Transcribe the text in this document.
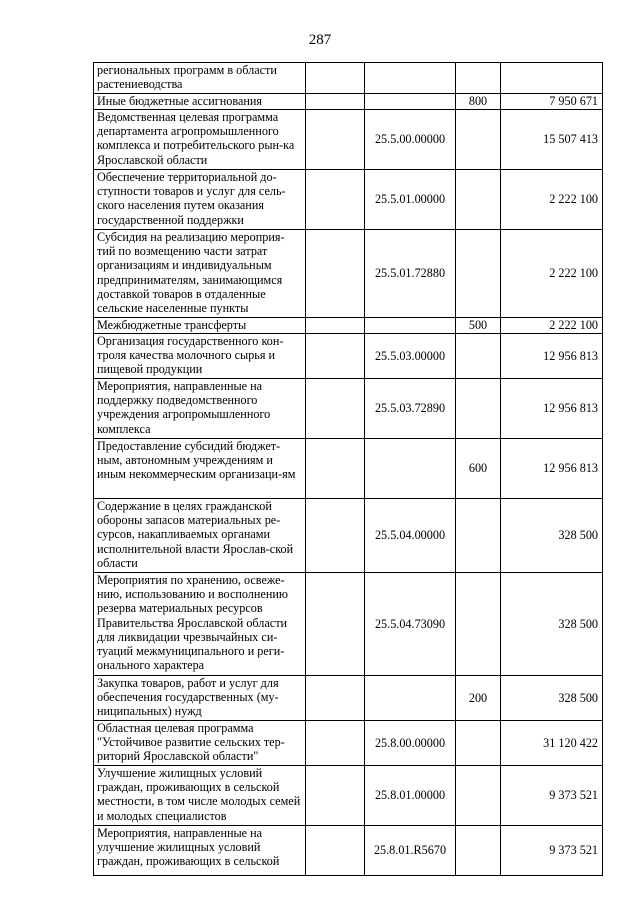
287
региональных программ в области растениеводства				
Иные бюджетные ассигнования			800	7 950 671
Ведомственная целевая программа департамента агропромышленного комплекса и потребительского рын-ка Ярославской области		25.5.00.00000		15 507 413
Обеспечение территориальной до-ступности товаров и услуг для сель-ского населения путем оказания государственной поддержки		25.5.01.00000		2 222 100
Субсидия на реализацию мероприя-тий по возмещению части затрат организациям и индивидуальным предпринимателям, занимающимся доставкой товаров в отдаленные сельские населенные пункты		25.5.01.72880		2 222 100
Межбюджетные трансферты			500	2 222 100
Организация государственного кон-троля качества молочного сырья и пищевой продукции		25.5.03.00000		12 956 813
Мероприятия, направленные на поддержку подведомственного учреждения агропромышленного комплекса		25.5.03.72890		12 956 813
Предоставление субсидий бюджет-ным, автономным учреждениям и иным некоммерческим организаци-ям			600	12 956 813
Содержание в целях гражданской обороны запасов материальных ре-сурсов, накапливаемых органами исполнительной власти Ярослав-ской области		25.5.04.00000		328 500
Мероприятия по хранению, освеже-нию, использованию и восполнению резерва материальных ресурсов Правительства Ярославской области для ликвидации чрезвычайных си-туаций межмуниципального и реги-онального характера		25.5.04.73090		328 500
Закупка товаров, работ и услуг для обеспечения государственных (му-ниципальных) нужд			200	328 500
Областная целевая программа "Устойчивое развитие сельских тер-риторий Ярославской области"		25.8.00.00000		31 120 422
Улучшение жилищных условий граждан, проживающих в сельской местности, в том числе молодых семей и молодых специалистов		25.8.01.00000		9 373 521
Мероприятия, направленные на улучшение жилищных условий граждан, проживающих в сельской		25.8.01.R5670		9 373 521
